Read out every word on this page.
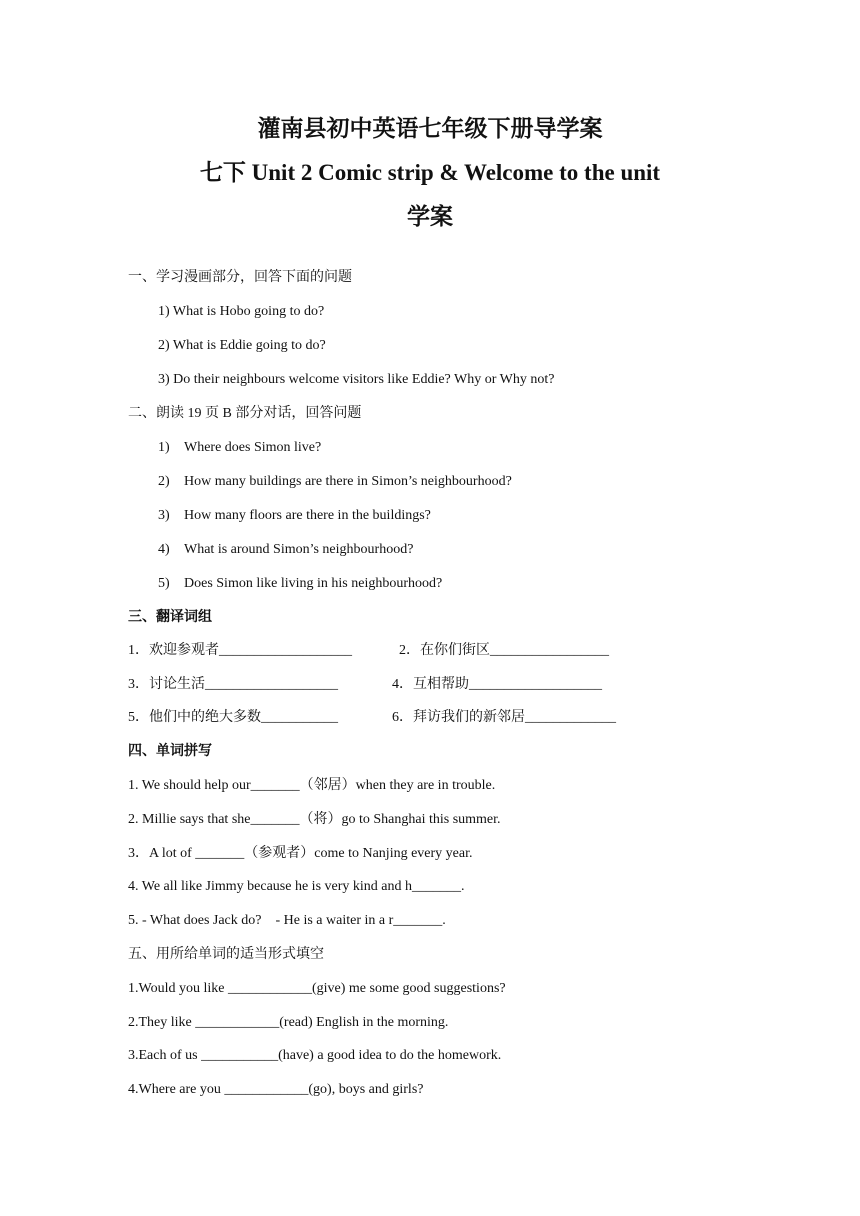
灌南县初中英语七年级下册导学案
七下 Unit 2 Comic strip & Welcome to the unit
学案
一、学习漫画部分，回答下面的问题
1) What is Hobo going to do?
2) What is Eddie going to do?
3) Do their neighbours welcome visitors like Eddie? Why or Why not?
二、朗读 19 页 B 部分对话，回答问题
1) Where does Simon live?
2) How many buildings are there in Simon’s neighbourhood?
3) How many floors are there in the buildings?
4) What is around Simon’s neighbourhood?
5) Does Simon like living in his neighbourhood?
三、翻译词组
1．欢迎参观者___________________	2．在你们街区_________________
3．讨论生活___________________	4．互相帮助___________________
5．他们中的绝大多数___________	6．拜访我们的新邻居_____________
四、单词拼写
1. We should help our_______（邻居）when they are in trouble.
2. Millie says that she_______（将）go to Shanghai this summer.
3．A lot of _______（参观者）come to Nanjing every year.
4. We all like Jimmy because he is very kind and h_______.
5. - What does Jack do?    - He is a waiter in a r_______.
五、用所给单词的适当形式填空
1.Would you like ____________(give) me some good suggestions?
2.They like ____________(read) English in the morning.
3.Each of us ___________(have) a good idea to do the homework.
4.Where are you ____________(go), boys and girls?
